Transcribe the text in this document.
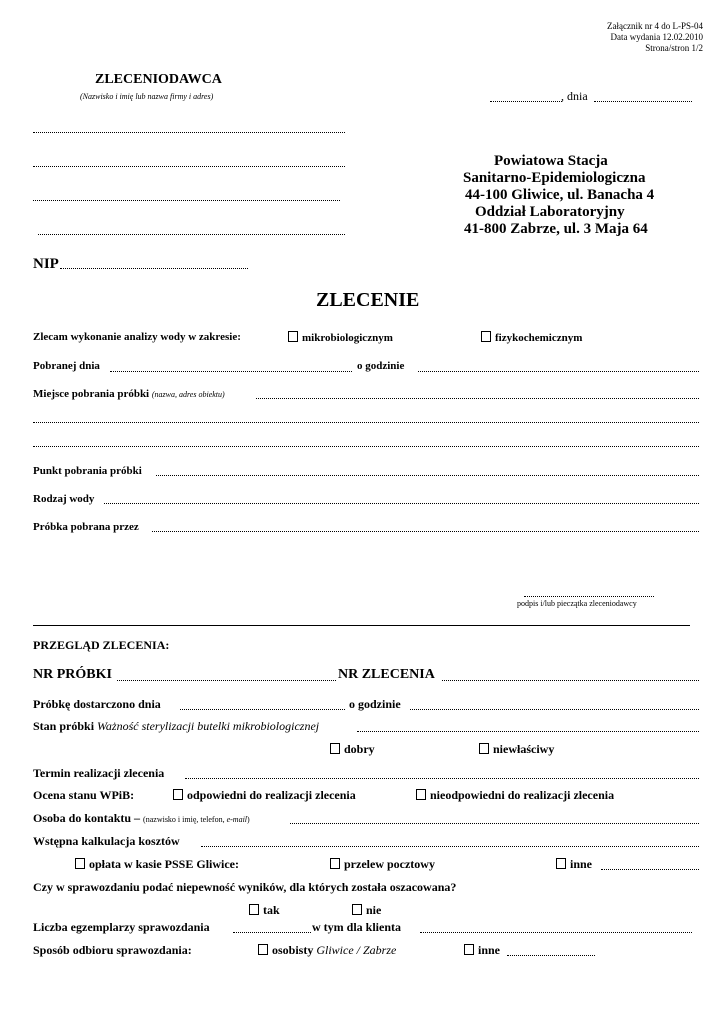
Załącznik nr 4 do L-PS-04
Data wydania 12.02.2010
Strona/stron 1/2
ZLECENIODAWCA
(Nazwisko i imię lub nazwa firmy i adres)	, dnia
NIP
Powiatowa Stacja
Sanitarno-Epidemiologiczna
44-100 Gliwice, ul. Banacha 4
Oddział Laboratoryjny
41-800 Zabrze, ul. 3 Maja 64
ZLECENIE
Zlecam wykonanie analizy wody w zakresie:	mikrobiologicznym	fizykochemicznym
Pobranej dnia	o godzinie
Miejsce pobrania próbki (nazwa, adres obiektu)
Punkt pobrania próbki
Rodzaj wody
Próbka pobrana przez
podpis i/lub pieczątka zleceniodawcy
PRZEGLĄD ZLECENIA:
NR PRÓBKI	NR ZLECENIA
Próbkę dostarczono dnia	o godzinie
Stan próbki Ważność sterylizacji butelki mikrobiologicznej
dobry	niewłaściwy
Termin realizacji zlecenia
Ocena stanu WPiB:	odpowiedni do realizacji zlecenia	nieodpowiedni do realizacji zlecenia
Osoba do kontaktu – (nazwisko i imię, telefon, e-mail)
Wstępna kalkulacja kosztów
opłata w kasie PSSE Gliwice:	przelew pocztowy	inne
Czy w sprawozdaniu podać niepewność wyników, dla których została oszacowana?
tak	nie
Liczba egzemplarzy sprawozdania	w tym dla klienta
Sposób odbioru sprawozdania:	osobisty Gliwice / Zabrze	inne
